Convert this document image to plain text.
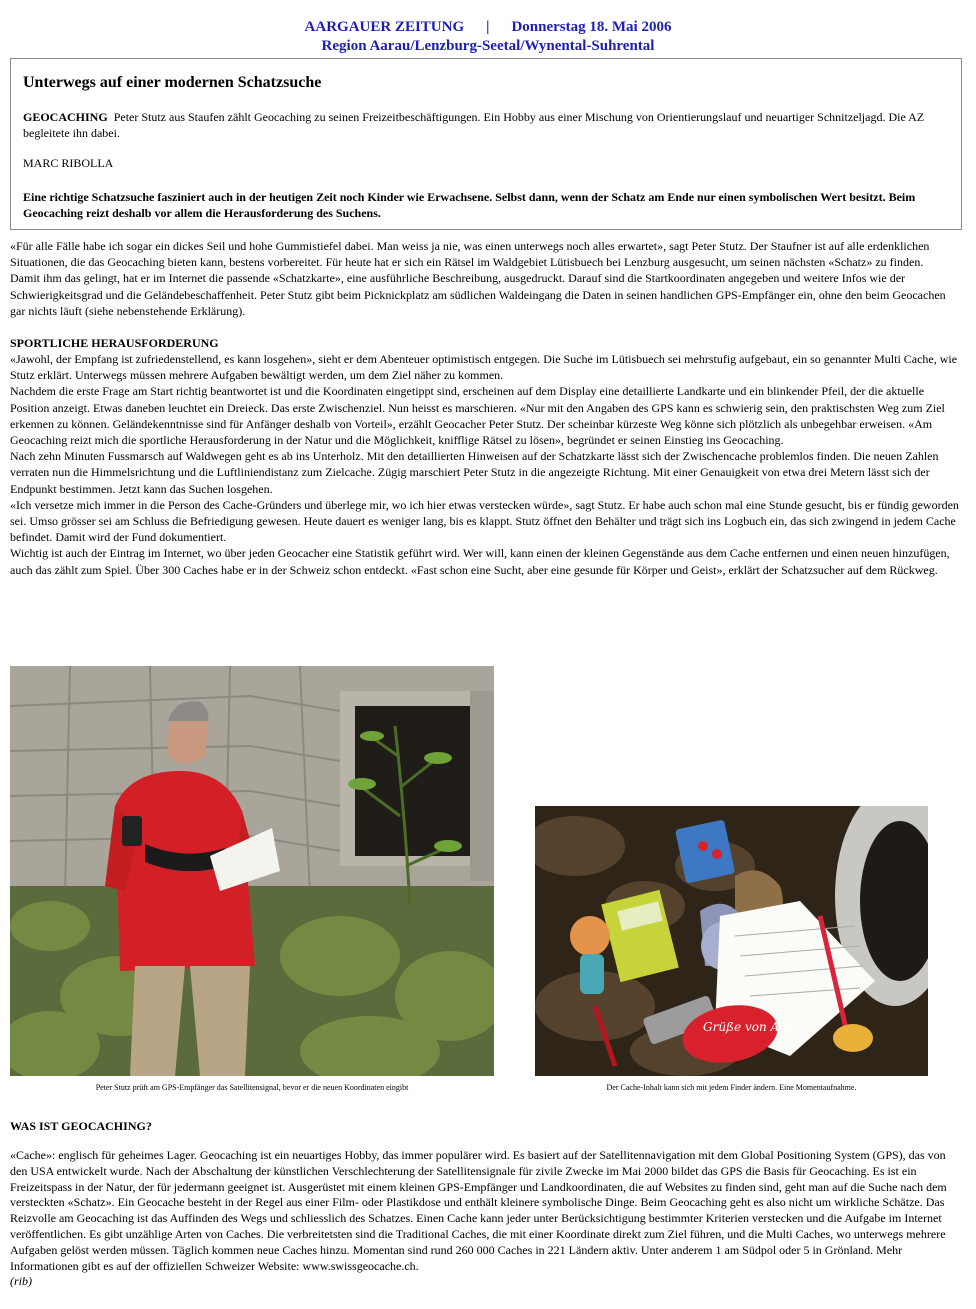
AARGAUER ZEITUNG | Donnerstag 18. Mai 2006
Region Aarau/Lenzburg-Seetal/Wynental-Suhrental
Unterwegs auf einer modernen Schatzsuche

GEOCACHING Peter Stutz aus Staufen zählt Geocaching zu seinen Freizeitbeschäftigungen. Ein Hobby aus einer Mischung von Orientierungslauf und neuartiger Schnitzeljagd. Die AZ begleitete ihn dabei.

MARC RIBOLLA

Eine richtige Schatzsuche fasziniert auch in der heutigen Zeit noch Kinder wie Erwachsene. Selbst dann, wenn der Schatz am Ende nur einen symbolischen Wert besitzt. Beim Geocaching reizt deshalb vor allem die Herausforderung des Suchens.

«Für alle Fälle habe ich sogar ein dickes Seil und hohe Gummistiefel dabei. Man weiss ja nie, was einen unterwegs noch alles erwartet», sagt Peter Stutz. Der Staufner ist auf alle erdenklichen Situationen, die das Geocaching bieten kann, bestens vorbereitet. Für heute hat er sich ein Rätsel im Waldgebiet Lütisbuech bei Lenzburg ausgesucht, um seinen nächsten «Schatz» zu finden.

Damit ihm das gelingt, hat er im Internet die passende «Schatzkarte», eine ausführliche Beschreibung, ausgedruckt. Darauf sind die Startkoordinaten angegeben und weitere Infos wie der Schwierigkeitsgrad und die Geländebeschaffenheit. Peter Stutz gibt beim Picknickplatz am südlichen Waldeingang die Daten in seinen handlichen GPS-Empfänger ein, ohne den beim Geocachen gar nichts läuft (siehe nebenstehende Erklärung).

SPORTLICHE HERAUSFORDERUNG

«Jawohl, der Empfang ist zufriedenstellend, es kann losgehen», sieht er dem Abenteuer optimistisch entgegen. Die Suche im Lütisbuech sei mehrstufig aufgebaut, ein so genannter Multi Cache, wie Stutz erklärt. Unterwegs müssen mehrere Aufgaben bewältigt werden, um dem Ziel näher zu kommen.

Nachdem die erste Frage am Start richtig beantwortet ist und die Koordinaten eingetippt sind, erscheinen auf dem Display eine detaillierte Landkarte und ein blinkender Pfeil, der die aktuelle Position anzeigt. Etwas daneben leuchtet ein Dreieck. Das erste Zwischenziel. Nun heisst es marschieren. «Nur mit den Angaben des GPS kann es schwierig sein, den praktischsten Weg zum Ziel erkennen zu können. Geländekenntnisse sind für Anfänger deshalb von Vorteil», erzählt Geocacher Peter Stutz. Der scheinbar kürzeste Weg könne sich plötzlich als unbegehbar erweisen. «Am Geocaching reizt mich die sportliche Herausforderung in der Natur und die Möglichkeit, knifflige Rätsel zu lösen», begründet er seinen Einstieg ins Geocaching.

Nach zehn Minuten Fussmarsch auf Waldwegen geht es ab ins Unterholz. Mit den detaillierten Hinweisen auf der Schatzkarte lässt sich der Zwischencache problemlos finden. Die neuen Zahlen verraten nun die Himmelsrichtung und die Luftliniendistanz zum Zielcache. Zügig marschiert Peter Stutz in die angezeigte Richtung. Mit einer Genauigkeit von etwa drei Metern lässt sich der Endpunkt bestimmen. Jetzt kann das Suchen losgehen.

«Ich versetze mich immer in die Person des Cache-Gründers und überlege mir, wo ich hier etwas verstecken würde», sagt Stutz. Er habe auch schon mal eine Stunde gesucht, bis er fündig geworden sei. Umso grösser sei am Schluss die Befriedigung gewesen. Heute dauert es weniger lang, bis es klappt. Stutz öffnet den Behälter und trägt sich ins Logbuch ein, das sich zwingend in jedem Cache befindet. Damit wird der Fund dokumentiert.

Wichtig ist auch der Eintrag im Internet, wo über jeden Geocacher eine Statistik geführt wird. Wer will, kann einen der kleinen Gegenstände aus dem Cache entfernen und einen neuen hinzufügen, auch das zählt zum Spiel. Über 300 Caches habe er in der Schweiz schon entdeckt. «Fast schon eine Sucht, aber eine gesunde für Körper und Geist», erklärt der Schatzsucher auf dem Rückweg.

Peter Stutz prüft am GPS-Empfänger das Satellitensignal, bevor er die neuen Koordinaten eingibt
Grüße von Anja
Der Cache-Inhalt kann sich mit jedem Finder ändern. Eine Momentaufnahme.
WAS IST GEOCACHING?

«Cache»: englisch für geheimes Lager. Geocaching ist ein neuartiges Hobby, das immer populärer wird. Es basiert auf der Satellitennavigation mit dem Global Positioning System (GPS), das von den USA entwickelt wurde. Nach der Abschaltung der künstlichen Verschlechterung der Satellitensignale für zivile Zwecke im Mai 2000 bildet das GPS die Basis für Geocaching. Es ist ein Freizeitspass in der Natur, der für jedermann geeignet ist. Ausgerüstet mit einem kleinen GPS-Empfänger und Landkoordinaten, die auf Websites zu finden sind, geht man auf die Suche nach dem versteckten «Schatz». Ein Geocache besteht in der Regel aus einer Film- oder Plastikdose und enthält kleinere symbolische Dinge. Beim Geocaching geht es also nicht um wirkliche Schätze. Das Reizvolle am Geocaching ist das Auffinden des Wegs und schliesslich des Schatzes. Einen Cache kann jeder unter Berücksichtigung bestimmter Kriterien verstecken und die Aufgabe im Internet veröffentlichen. Es gibt unzählige Arten von Caches. Die verbreitetsten sind die Traditional Caches, die mit einer Koordinate direkt zum Ziel führen, und die Multi Caches, wo unterwegs mehrere Aufgaben gelöst werden müssen. Täglich kommen neue Caches hinzu. Momentan sind rund 260 000 Caches in 221 Ländern aktiv. Unter anderem 1 am Südpol oder 5 in Grönland. Mehr Informationen gibt es auf der offiziellen Schweizer Website: www.swissgeocache.ch.

(rib)
